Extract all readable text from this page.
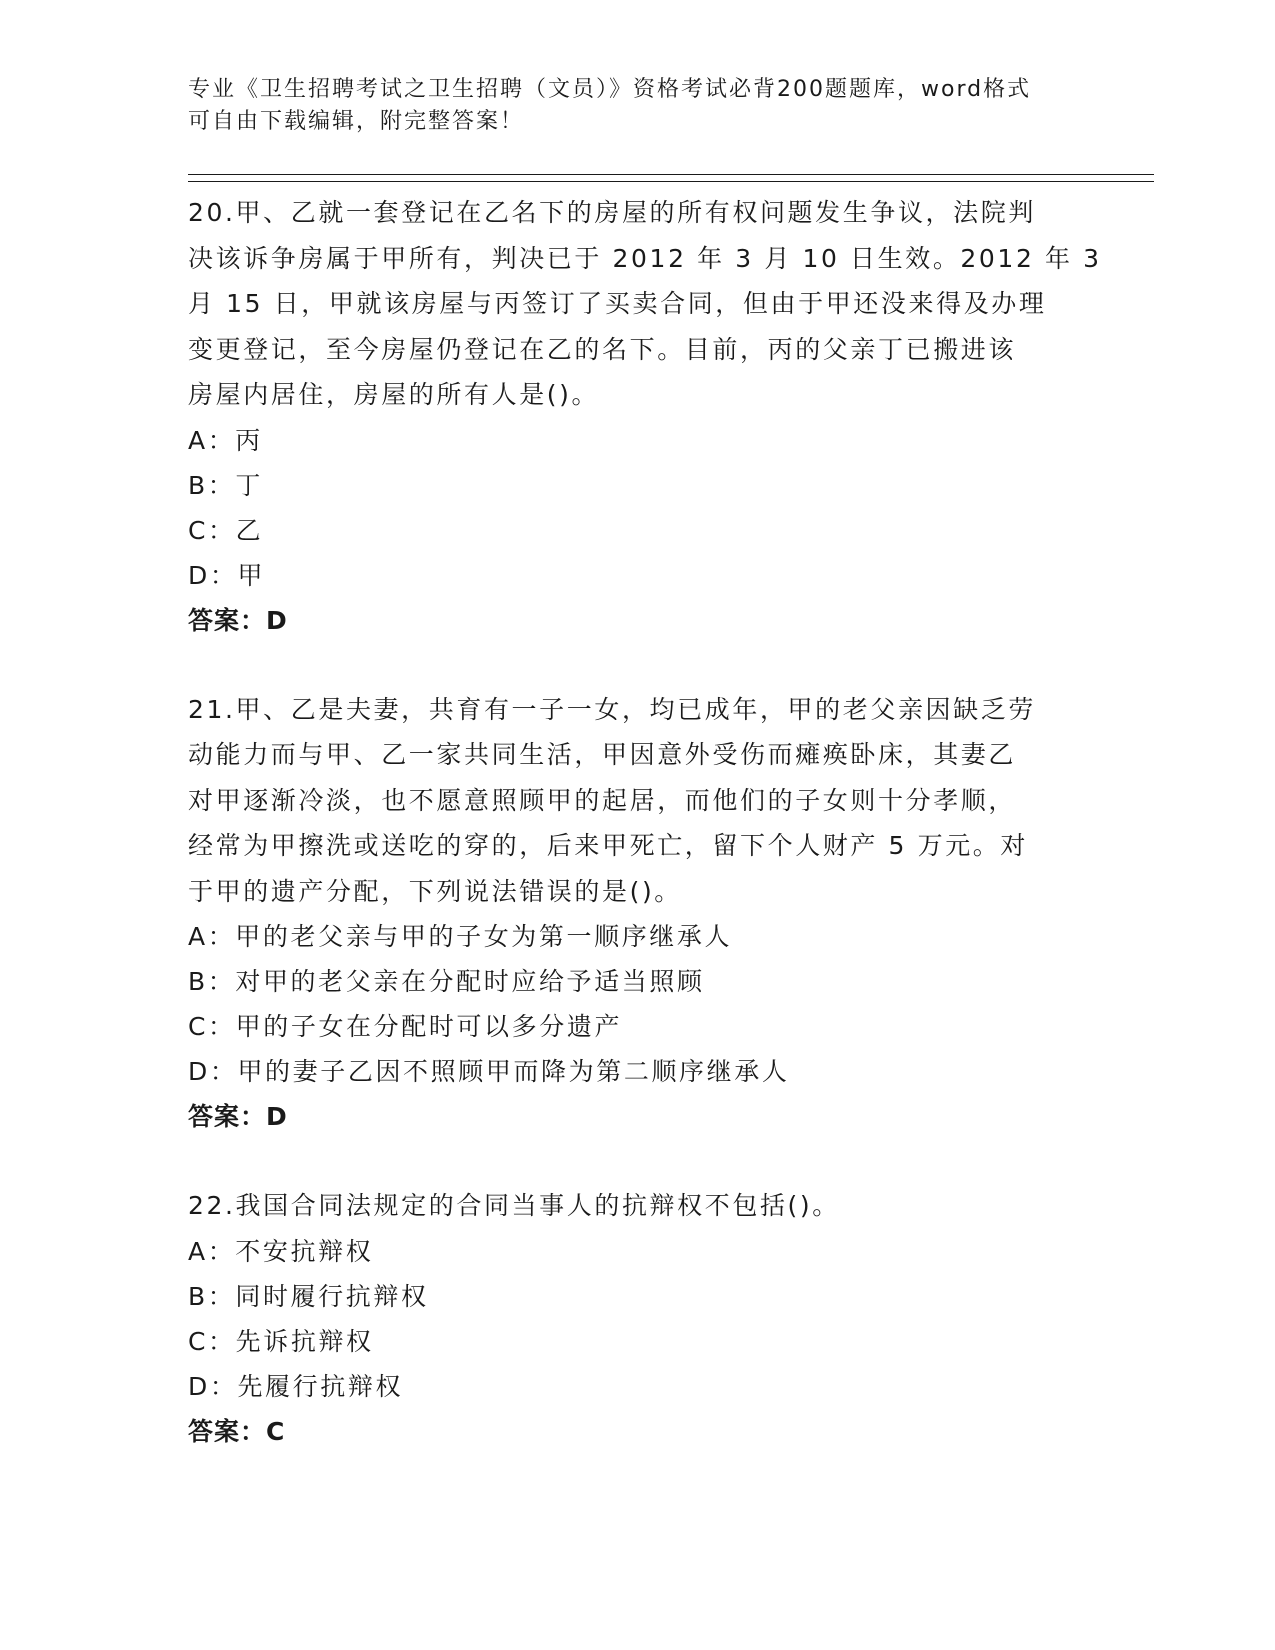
专业《卫生招聘考试之卫生招聘（文员）》资格考试必背200题题库，word格式
可自由下载编辑，附完整答案！
20.甲、乙就一套登记在乙名下的房屋的所有权问题发生争议，法院判
决该诉争房属于甲所有，判决已于 2012 年 3 月 10 日生效。2012 年 3
月 15 日，甲就该房屋与丙签订了买卖合同，但由于甲还没来得及办理
变更登记，至今房屋仍登记在乙的名下。目前，丙的父亲丁已搬进该
房屋内居住，房屋的所有人是()。
A：丙
B：丁
C：乙
D：甲
答案：D
21.甲、乙是夫妻，共育有一子一女，均已成年，甲的老父亲因缺乏劳
动能力而与甲、乙一家共同生活，甲因意外受伤而瘫痪卧床，其妻乙
对甲逐渐冷淡，也不愿意照顾甲的起居，而他们的子女则十分孝顺，
经常为甲擦洗或送吃的穿的，后来甲死亡，留下个人财产 5 万元。对
于甲的遗产分配，下列说法错误的是()。
A：甲的老父亲与甲的子女为第一顺序继承人
B：对甲的老父亲在分配时应给予适当照顾
C：甲的子女在分配时可以多分遗产
D：甲的妻子乙因不照顾甲而降为第二顺序继承人
答案：D
22.我国合同法规定的合同当事人的抗辩权不包括()。
A：不安抗辩权
B：同时履行抗辩权
C：先诉抗辩权
D：先履行抗辩权
答案：C
